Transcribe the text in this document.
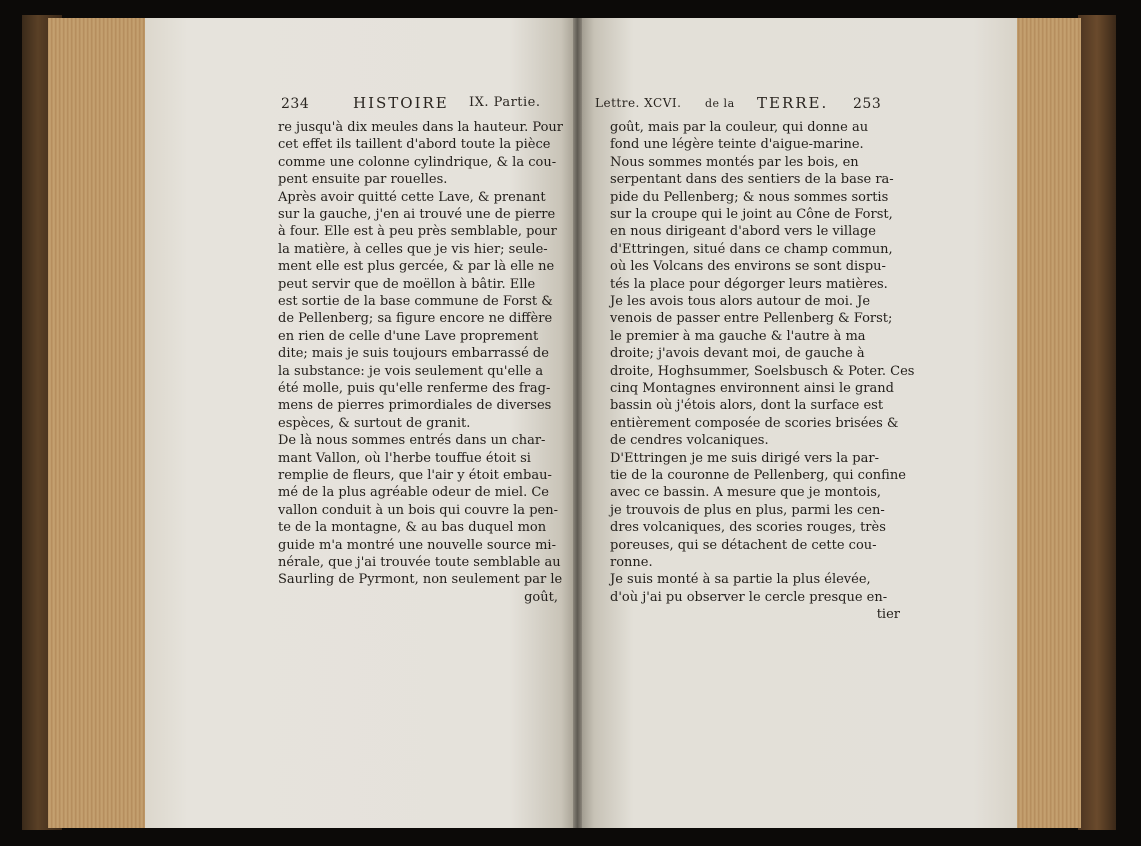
234	HISTOIRE IX. Partie.	Lettre. XCVI. de la TERRE. 253
re jusqu'à dix meules dans la hauteur. Pour
cet effet ils taillent d'abord toute la pièce
comme une colonne cylindrique, & la cou-
pent ensuite par rouelles.
Après avoir quitté cette Lave, & prenant
sur la gauche, j'en ai trouvé une de pierre
à four. Elle est à peu près semblable, pour
la matière, à celles que je vis hier; seule-
ment elle est plus gercée, & par là elle ne
peut servir que de moëllon à bâtir. Elle
est sortie de la base commune de Forst &
de Pellenberg; sa figure encore ne diffère
en rien de celle d'une Lave proprement
dite; mais je suis toujours embarrassé de
la substance: je vois seulement qu'elle a
été molle, puis qu'elle renferme des frag-
mens de pierres primordiales de diverses
espèces, & surtout de granit.
De là nous sommes entrés dans un char-
mant Vallon, où l'herbe touffue étoit si
remplie de fleurs, que l'air y étoit embau-
mé de la plus agréable odeur de miel. Ce
vallon conduit à un bois qui couvre la pen-
te de la montagne, & au bas duquel mon
guide m'a montré une nouvelle source mi-
nérale, que j'ai trouvée toute semblable au
Saurling de Pyrmont, non seulement par le
goût,
goût, mais par la couleur, qui donne au
fond une légère teinte d'aigue-marine.
Nous sommes montés par les bois, en
serpentant dans des sentiers de la base ra-
pide du Pellenberg; & nous sommes sortis
sur la croupe qui le joint au Cône de Forst,
en nous dirigeant d'abord vers le village
d'Ettringen, situé dans ce champ commun,
où les Volcans des environs se sont dispu-
tés la place pour dégorger leurs matières.
Je les avois tous alors autour de moi. Je
venois de passer entre Pellenberg & Forst;
le premier à ma gauche & l'autre à ma
droite; j'avois devant moi, de gauche à
droite, Hoghsummer, Soelsbusch & Poter. Ces
cinq Montagnes environnent ainsi le grand
bassin où j'étois alors, dont la surface est
entièrement composée de scories brisées &
de cendres volcaniques.
D'Ettringen je me suis dirigé vers la par-
tie de la couronne de Pellenberg, qui confine
avec ce bassin. A mesure que je montois,
je trouvois de plus en plus, parmi les cen-
dres volcaniques, des scories rouges, très
poreuses, qui se détachent de cette cou-
ronne.
Je suis monté à sa partie la plus élevée,
d'où j'ai pu observer le cercle presque en-
tier
